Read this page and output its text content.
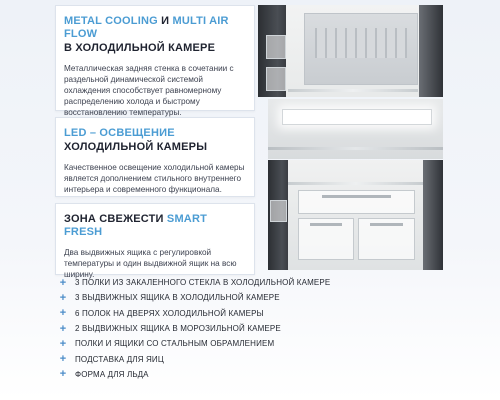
METAL COOLING И MULTI AIR FLOW
В ХОЛОДИЛЬНОЙ КАМЕРЕ
Металлическая задняя стенка в сочетании с раздельной динамической системой охлаждения способствует равномерному распределению холода и быстрому восстановлению температуры.
LED – ОСВЕЩЕНИЕ
ХОЛОДИЛЬНОЙ КАМЕРЫ
Качественное освещение холодильной камеры является дополнением стильного внутреннего интерьера и современного функционала.
ЗОНА СВЕЖЕСТИ SMART FRESH
Два выдвижных ящика с регулировкой температуры и один выдвижной ящик на всю ширину.
+	3 ПОЛКИ ИЗ ЗАКАЛЕННОГО СТЕКЛА В ХОЛОДИЛЬНОЙ КАМЕРЕ
+	3 ВЫДВИЖНЫХ ЯЩИКА В ХОЛОДИЛЬНОЙ КАМЕРЕ
+	6 ПОЛОК НА ДВЕРЯХ ХОЛОДИЛЬНОЙ КАМЕРЫ
+	2 ВЫДВИЖНЫХ ЯЩИКА В МОРОЗИЛЬНОЙ КАМЕРЕ
+	ПОЛКИ И ЯЩИКИ СО СТАЛЬНЫМ ОБРАМЛЕНИЕМ
+	ПОДСТАВКА ДЛЯ ЯИЦ
+	ФОРМА ДЛЯ ЛЬДА
